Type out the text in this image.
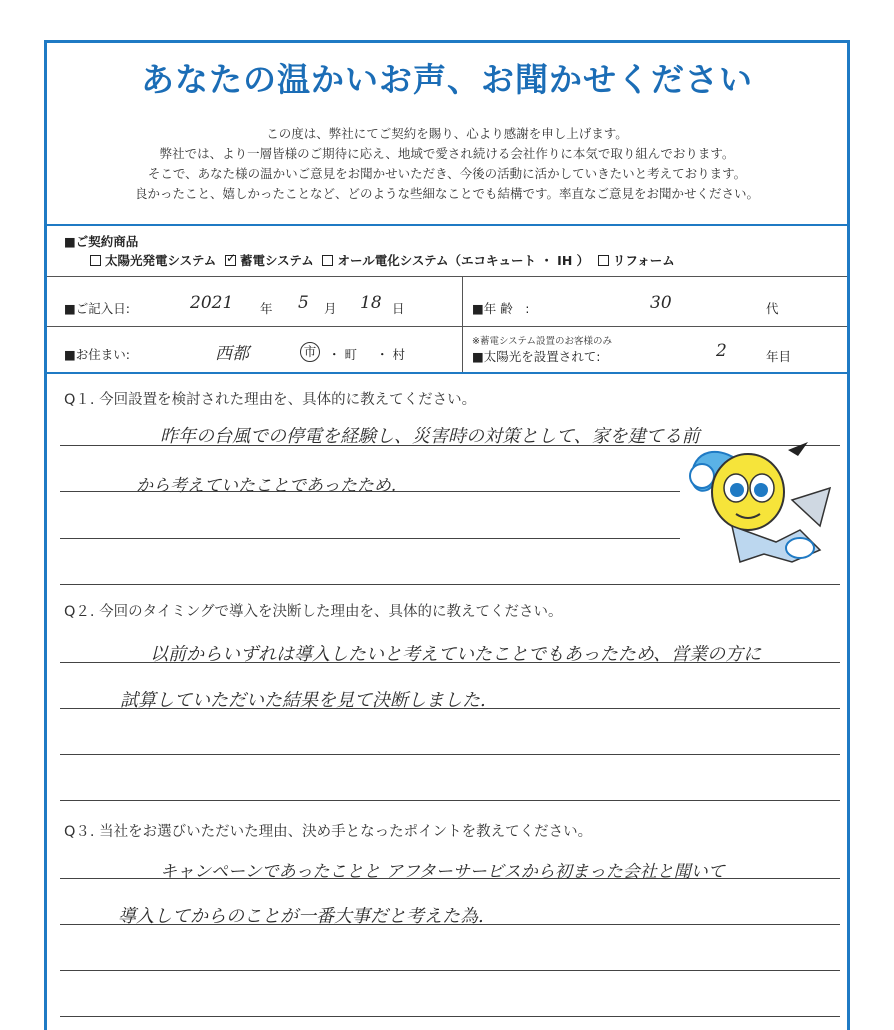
あなたの温かいお声、お聞かせください
この度は、弊社にてご契約を賜り、心より感謝を申し上げます。
弊社では、より一層皆様のご期待に応え、地域で愛され続ける会社作りに本気で取り組んでおります。
そこで、あなた様の温かいご意見をお聞かせいただき、今後の活動に活かしていきたいと考えております。
良かったこと、嬉しかったことなど、どのような些細なことでも結構です。率直なご意見をお聞かせください。
■ご契約商品
太陽光発電システム  ✓ 蓄電システム オール電化システム（エコキュート ・ IH ） リフォーム
■ご記入日:	2021 年 5 月 18 日	■年 齢　:	30	代
■お住まい:	西都	市 ・ 町 ・ 村
※蓄電システム設置のお客様のみ
■太陽光を設置されて:	2	年目
Q１. 今回設置を検討された理由を、具体的に教えてください。
昨年の台風での停電を経験し、災害時の対策として、家を建てる前
から考えていたことであったため.
Q２. 今回のタイミングで導入を決断した理由を、具体的に教えてください。
以前からいずれは導入したいと考えていたことでもあったため、営業の方に
試算していただいた結果を見て決断しました.
Q３. 当社をお選びいただいた理由、決め手となったポイントを教えてください。
キャンペーンであったことと アフターサービスから初まった会社と聞いて
導入してからのことが一番大事だと考えた為.
